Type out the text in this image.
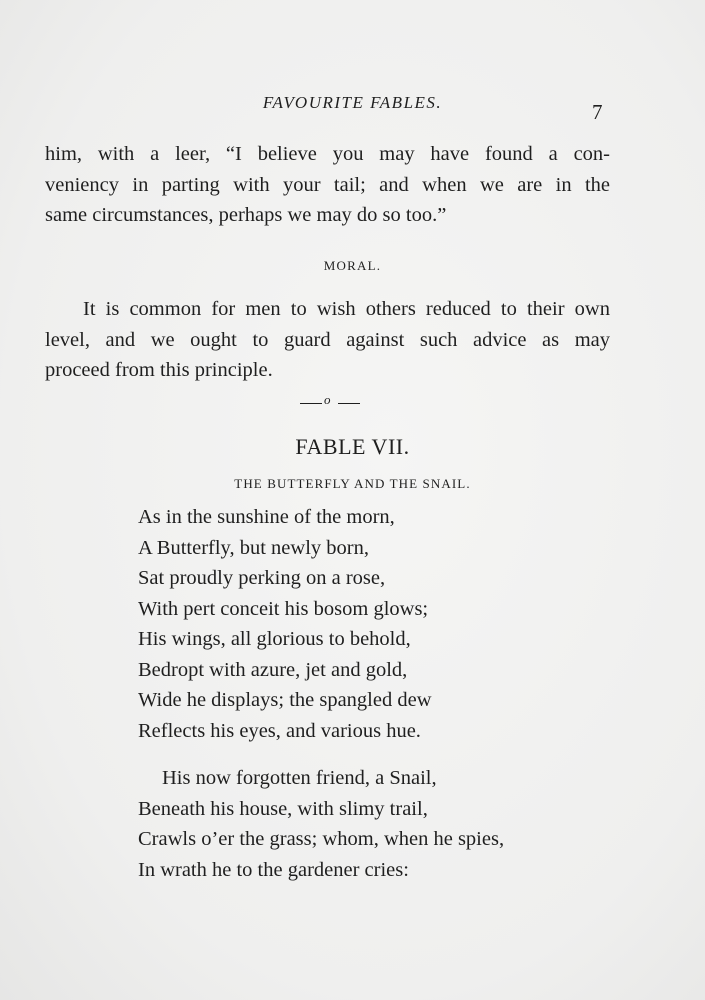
FAVOURITE FABLES.	7

him, with a leer, “I believe you may have found a con-
veniency in parting with your tail; and when we are in the
same circumstances, perhaps we may do so too.”

MORAL.

It is common for men to wish others reduced to their own
level, and we ought to guard against such advice as may
proceed from this principle.

o
FABLE VII.
THE BUTTERFLY AND THE SNAIL.
As in the sunshine of the morn,
A Butterfly, but newly born,
Sat proudly perking on a rose,
With pert conceit his bosom glows;
His wings, all glorious to behold,
Bedropt with azure, jet and gold,
Wide he displays; the spangled dew
Reflects his eyes, and various hue.
His now forgotten friend, a Snail,
Beneath his house, with slimy trail,
Crawls o’er the grass; whom, when he spies,
In wrath he to the gardener cries:
